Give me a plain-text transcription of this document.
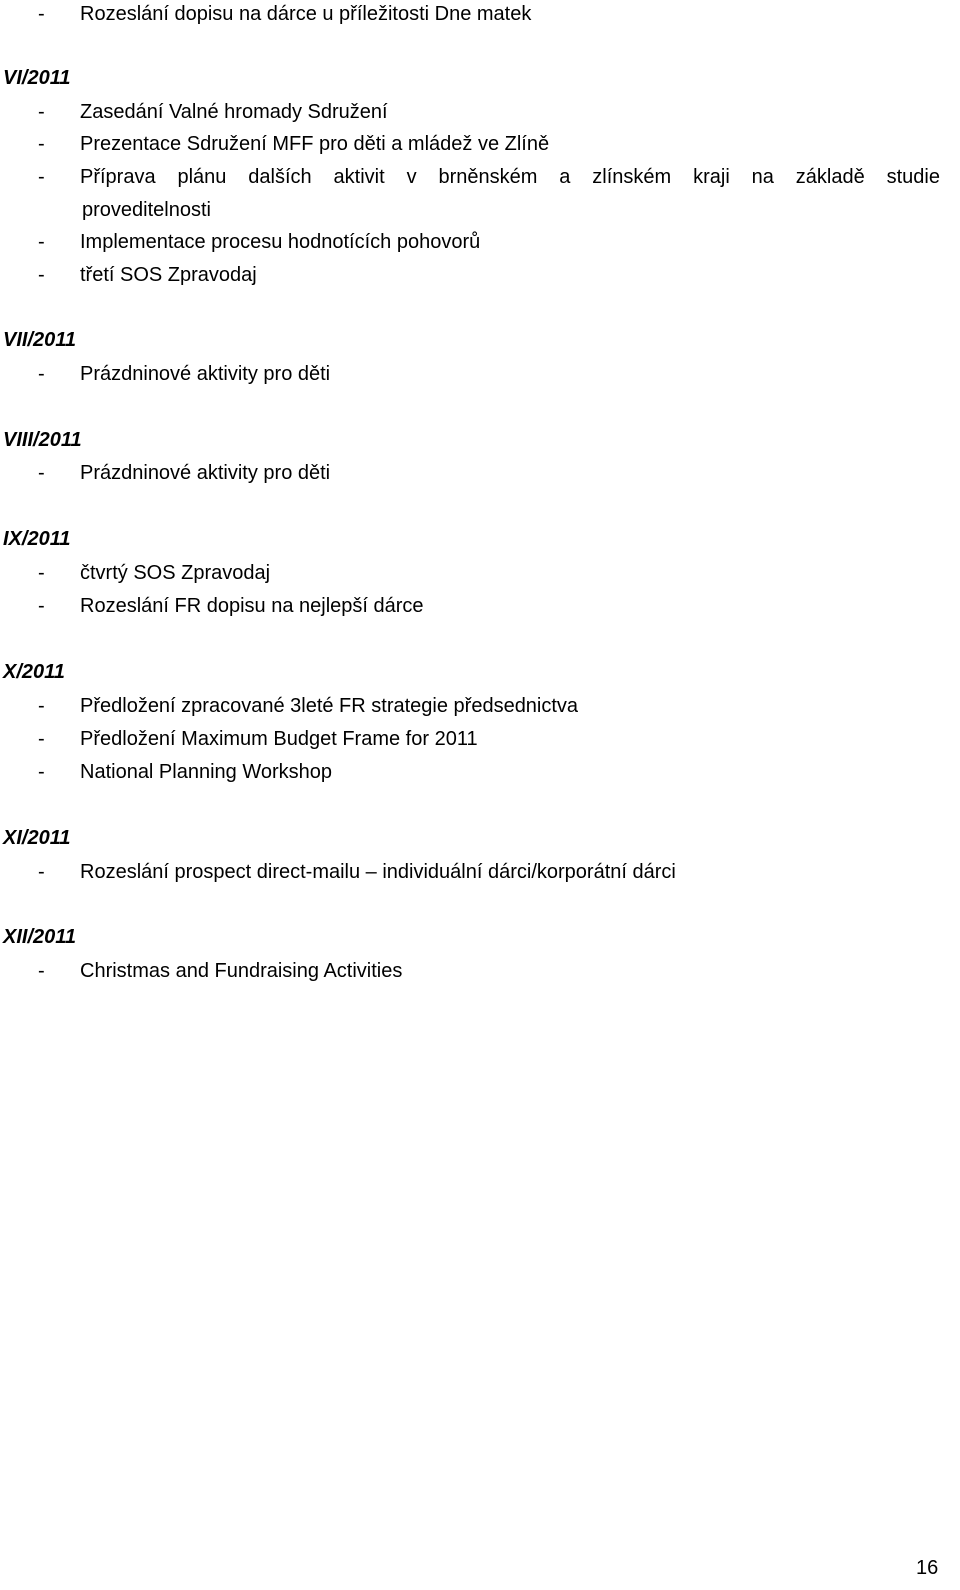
- Rozeslání dopisu na dárce u příležitosti Dne matek
VI/2011
- Zasedání Valné hromady Sdružení
- Prezentace Sdružení MFF pro děti a mládež ve Zlíně
- Příprava plánu dalších aktivit v brněnském a zlínském kraji na základě studie
proveditelnosti
- Implementace procesu hodnotících pohovorů
- třetí SOS Zpravodaj
VII/2011
- Prázdninové aktivity pro děti
VIII/2011
- Prázdninové aktivity pro děti
IX/2011
- čtvrtý SOS Zpravodaj
- Rozeslání FR dopisu na nejlepší dárce
X/2011
- Předložení zpracované 3leté FR strategie předsednictva
- Předložení Maximum Budget Frame for 2011
- National Planning Workshop
XI/2011
- Rozeslání prospect direct-mailu – individuální dárci/korporátní dárci
XII/2011
- Christmas and Fundraising Activities
16
